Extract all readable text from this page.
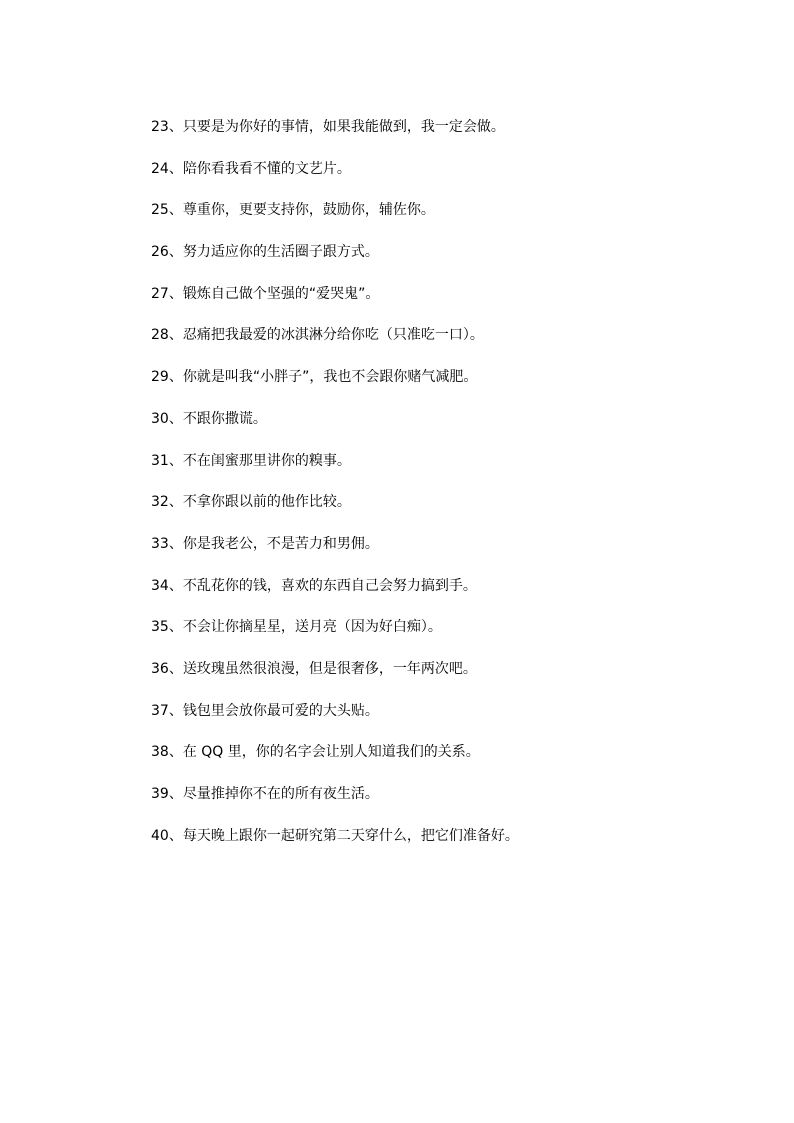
23、只要是为你好的事情，如果我能做到，我一定会做。
24、陪你看我看不懂的文艺片。
25、尊重你，更要支持你，鼓励你，辅佐你。
26、努力适应你的生活圈子跟方式。
27、锻炼自己做个坚强的“爱哭鬼”。
28、忍痛把我最爱的冰淇淋分给你吃（只准吃一口）。
29、你就是叫我“小胖子”，我也不会跟你赌气减肥。
30、不跟你撒谎。
31、不在闺蜜那里讲你的糗事。
32、不拿你跟以前的他作比较。
33、你是我老公，不是苦力和男佣。
34、不乱花你的钱，喜欢的东西自己会努力搞到手。
35、不会让你摘星星，送月亮（因为好白痴）。
36、送玫瑰虽然很浪漫，但是很奢侈，一年两次吧。
37、钱包里会放你最可爱的大头贴。
38、在 QQ 里，你的名字会让别人知道我们的关系。
39、尽量推掉你不在的所有夜生活。
40、每天晚上跟你一起研究第二天穿什么，把它们准备好。
